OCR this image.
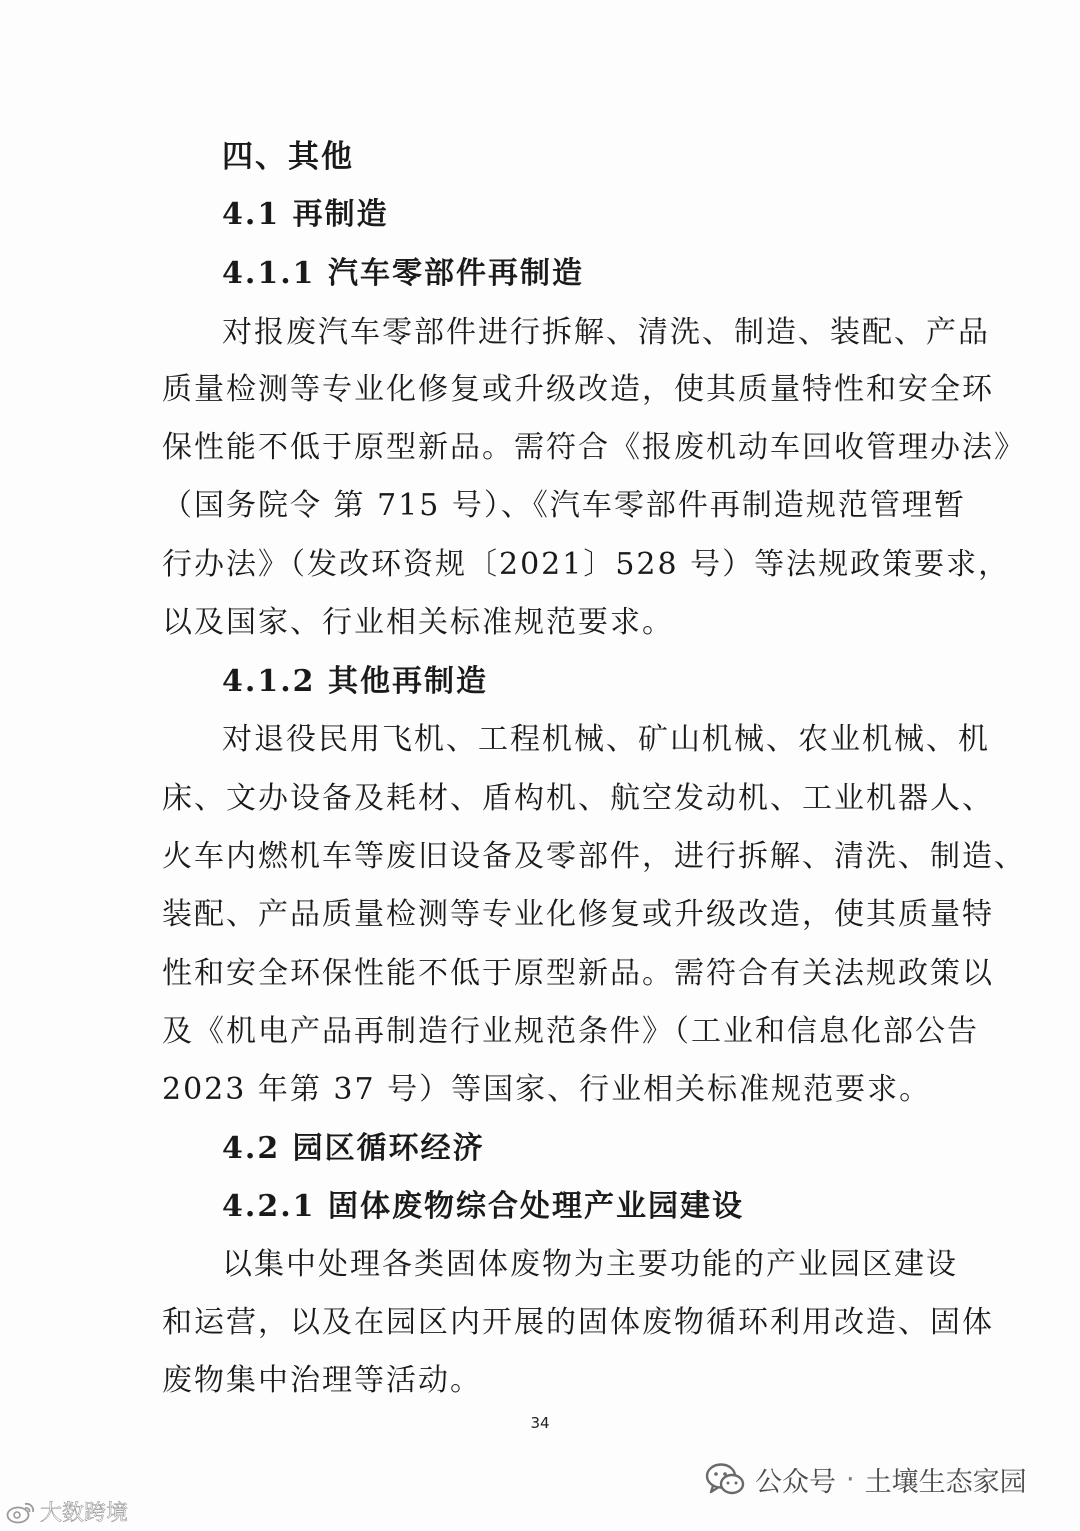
四、其他
4.1 再制造
4.1.1 汽车零部件再制造
对报废汽车零部件进行拆解、清洗、制造、装配、产品
质量检测等专业化修复或升级改造，使其质量特性和安全环
保性能不低于原型新品。需符合《报废机动车回收管理办法》
（国务院令 第 715 号）、《汽车零部件再制造规范管理暂
行办法》（发改环资规〔2021〕528 号）等法规政策要求，
以及国家、行业相关标准规范要求。
4.1.2 其他再制造
对退役民用飞机、工程机械、矿山机械、农业机械、机
床、文办设备及耗材、盾构机、航空发动机、工业机器人、
火车内燃机车等废旧设备及零部件，进行拆解、清洗、制造、
装配、产品质量检测等专业化修复或升级改造，使其质量特
性和安全环保性能不低于原型新品。需符合有关法规政策以
及《机电产品再制造行业规范条件》（工业和信息化部公告
2023 年第 37 号）等国家、行业相关标准规范要求。
4.2 园区循环经济
4.2.1 固体废物综合处理产业园建设
以集中处理各类固体废物为主要功能的产业园区建设
和运营，以及在园区内开展的固体废物循环利用改造、固体
废物集中治理等活动。
34
公众号 · 土壤生态家园
大数跨境
